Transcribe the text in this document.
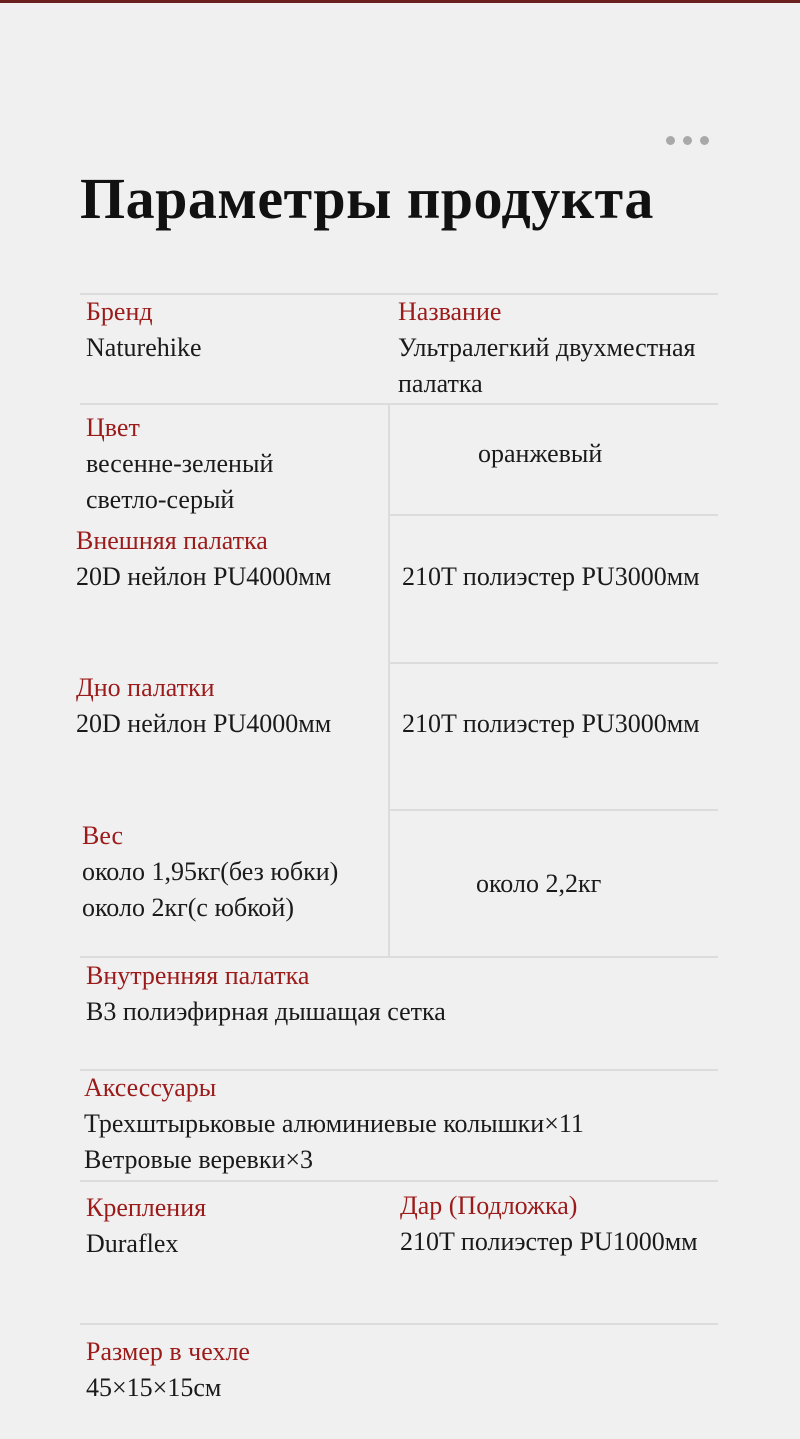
Параметры продукта
Бренд
Naturehike
Название
Ультралегкий двухместная
палатка
Цвет
весенне-зеленый
светло-серый
оранжевый
Внешняя палатка
20D нейлон PU4000мм	210T полиэстер PU3000мм
Дно палатки
20D нейлон PU4000мм	210T полиэстер PU3000мм
Вес
около 1,95кг(без юбки)
около 2кг(с юбкой)
около 2,2кг
Внутренняя палатка
B3 полиэфирная дышащая сетка
Аксессуары
Трехштырьковые алюминиевые колышки×11
Ветровые веревки×3
Крепления
Duraflex
Дар (Подложка)
210T полиэстер PU1000мм
Размер в чехле
45×15×15см
